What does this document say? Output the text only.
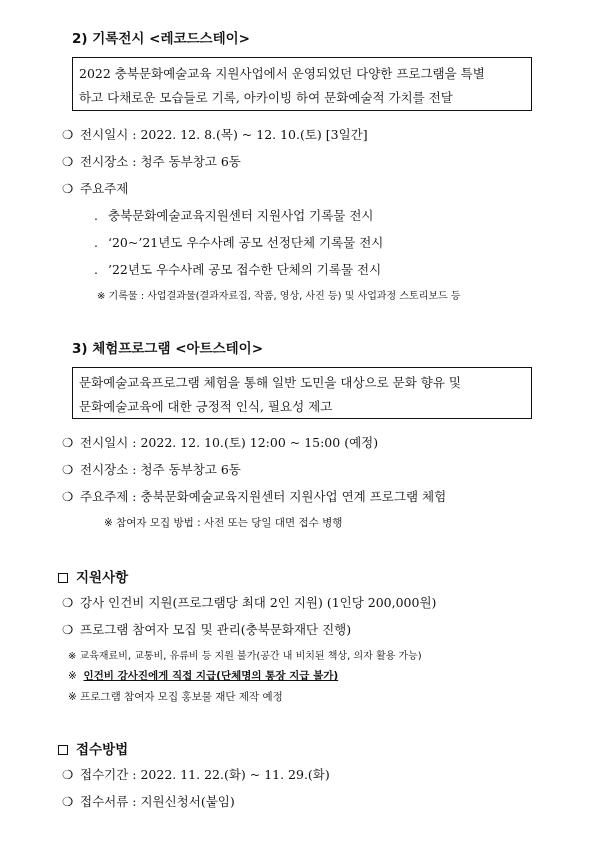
2) 기록전시 <레코드스테이>
2022 충북문화예술교육 지원사업에서 운영되었던 다양한 프로그램을 특별
하고 다채로운 모습들로 기록, 아카이빙 하여 문화예술적 가치를 전달
❍ 전시일시 : 2022. 12. 8.(목) ~ 12. 10.(토) [3일간]
❍ 전시장소 : 청주 동부창고 6동
❍ 주요주제
. 충북문화예술교육지원센터 지원사업 기록물 전시
. ‘20~’21년도 우수사례 공모 선정단체 기록물 전시
. ’22년도 우수사례 공모 접수한 단체의 기록물 전시
※ 기록물 : 사업결과물(결과자료집, 작품, 영상, 사진 등) 및 사업과정 스토리보드 등
3) 체험프로그램 <아트스테이>
문화예술교육프로그램 체험을 통해 일반 도민을 대상으로 문화 향유 및
문화예술교육에 대한 긍정적 인식, 필요성 제고
❍ 전시일시 : 2022. 12. 10.(토) 12:00 ~ 15:00 (예정)
❍ 전시장소 : 청주 동부창고 6동
❍ 주요주제 : 충북문화예술교육지원센터 지원사업 연계 프로그램 체험
※ 참여자 모집 방법 : 사전 또는 당일 대면 접수 병행
지원사항
❍ 강사 인건비 지원(프로그램당 최대 2인 지원) (1인당 200,000원)
❍ 프로그램 참여자 모집 및 관리(충북문화재단 진행)
※ 교육재료비, 교통비, 유류비 등 지원 불가(공간 내 비치된 책상, 의자 활용 가능)
※ 인건비 강사진에게 직접 지급(단체명의 통장 지급 불가)
※ 프로그램 참여자 모집 홍보물 재단 제작 예정
접수방법
❍ 접수기간 : 2022. 11. 22.(화) ~ 11. 29.(화)
❍ 접수서류 : 지원신청서(붙임)
